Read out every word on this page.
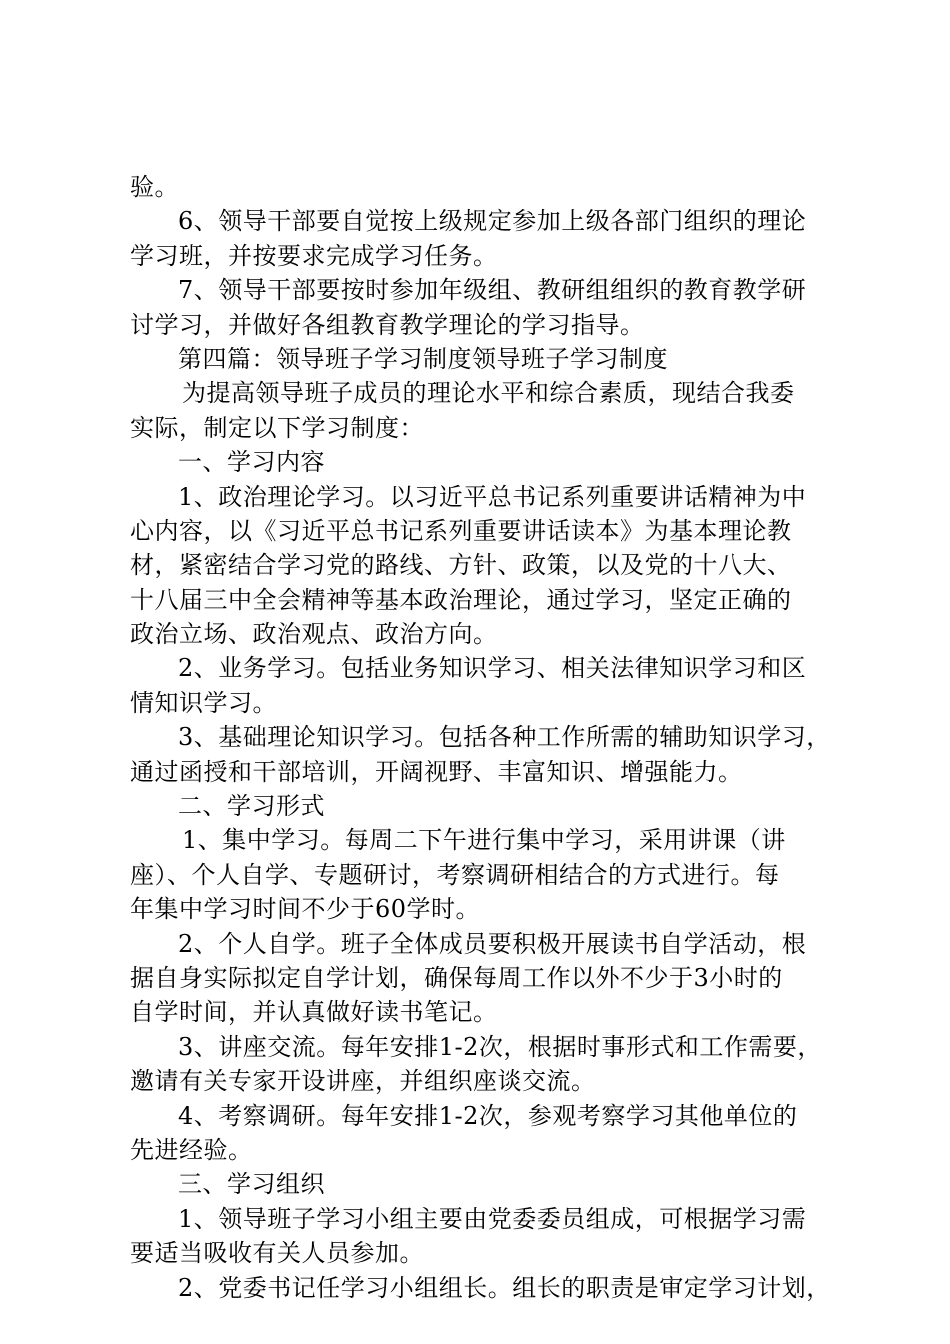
验。
6、领导干部要自觉按上级规定参加上级各部门组织的理论
学习班，并按要求完成学习任务。
7、领导干部要按时参加年级组、教研组组织的教育教学研
讨学习，并做好各组教育教学理论的学习指导。
第四篇：领导班子学习制度领导班子学习制度
为提高领导班子成员的理论水平和综合素质，现结合我委
实际，制定以下学习制度：
一、学习内容
1、政治理论学习。以习近平总书记系列重要讲话精神为中
心内容，以《习近平总书记系列重要讲话读本》为基本理论教
材，紧密结合学习党的路线、方针、政策，以及党的十八大、
十八届三中全会精神等基本政治理论，通过学习，坚定正确的
政治立场、政治观点、政治方向。
2、业务学习。包括业务知识学习、相关法律知识学习和区
情知识学习。
3、基础理论知识学习。包括各种工作所需的辅助知识学习，
通过函授和干部培训，开阔视野、丰富知识、增强能力。
二、学习形式
1、集中学习。每周二下午进行集中学习，采用讲课（讲
座）、个人自学、专题研讨，考察调研相结合的方式进行。每
年集中学习时间不少于60学时。
2、个人自学。班子全体成员要积极开展读书自学活动，根
据自身实际拟定自学计划，确保每周工作以外不少于3小时的
自学时间，并认真做好读书笔记。
3、讲座交流。每年安排1-2次，根据时事形式和工作需要，
邀请有关专家开设讲座，并组织座谈交流。
4、考察调研。每年安排1-2次，参观考察学习其他单位的
先进经验。
三、学习组织
1、领导班子学习小组主要由党委委员组成，可根据学习需
要适当吸收有关人员参加。
2、党委书记任学习小组组长。组长的职责是审定学习计划，
